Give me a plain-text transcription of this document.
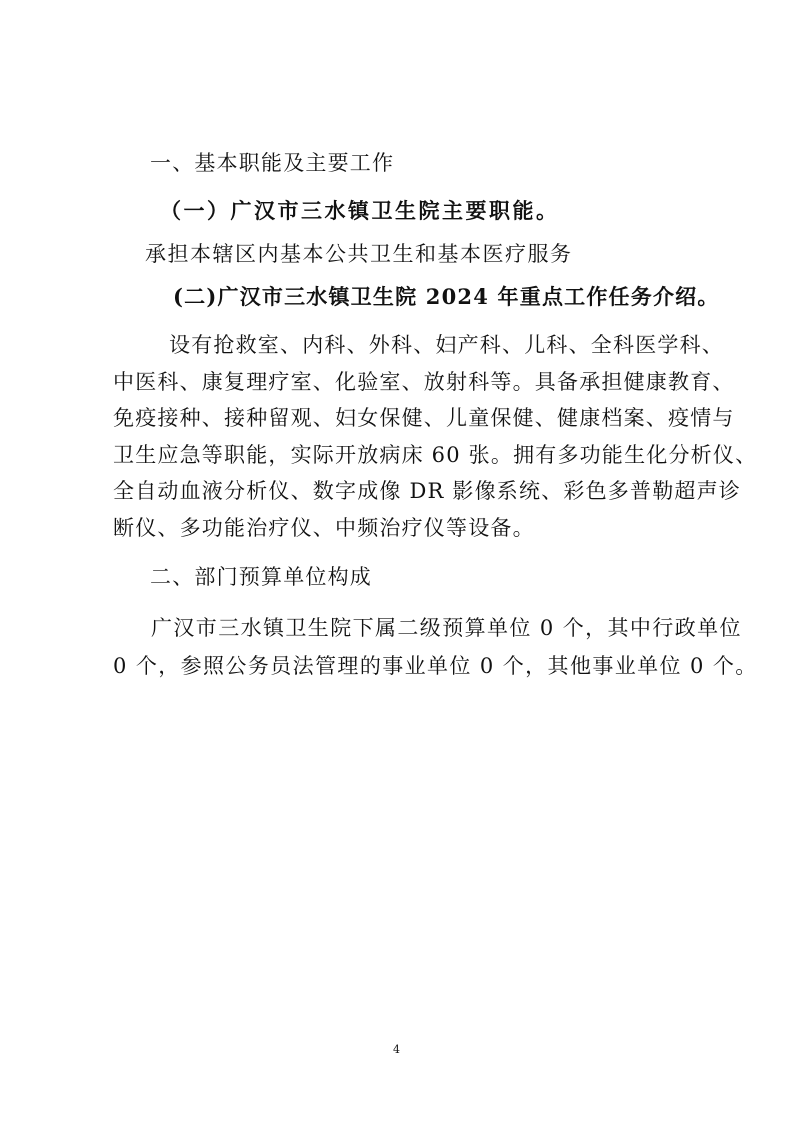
一、基本职能及主要工作
（一）广汉市三水镇卫生院主要职能。
承担本辖区内基本公共卫生和基本医疗服务
(二)广汉市三水镇卫生院 2024 年重点工作任务介绍。
设有抢救室、内科、外科、妇产科、儿科、全科医学科、
中医科、康复理疗室、化验室、放射科等。具备承担健康教育、
免疫接种、接种留观、妇女保健、儿童保健、健康档案、疫情与
卫生应急等职能，实际开放病床 60 张。拥有多功能生化分析仪、
全自动血液分析仪、数字成像 DR 影像系统、彩色多普勒超声诊
断仪、多功能治疗仪、中频治疗仪等设备。
二、部门预算单位构成
广汉市三水镇卫生院下属二级预算单位 0 个，其中行政单位
0 个，参照公务员法管理的事业单位 0 个，其他事业单位 0 个。
4
